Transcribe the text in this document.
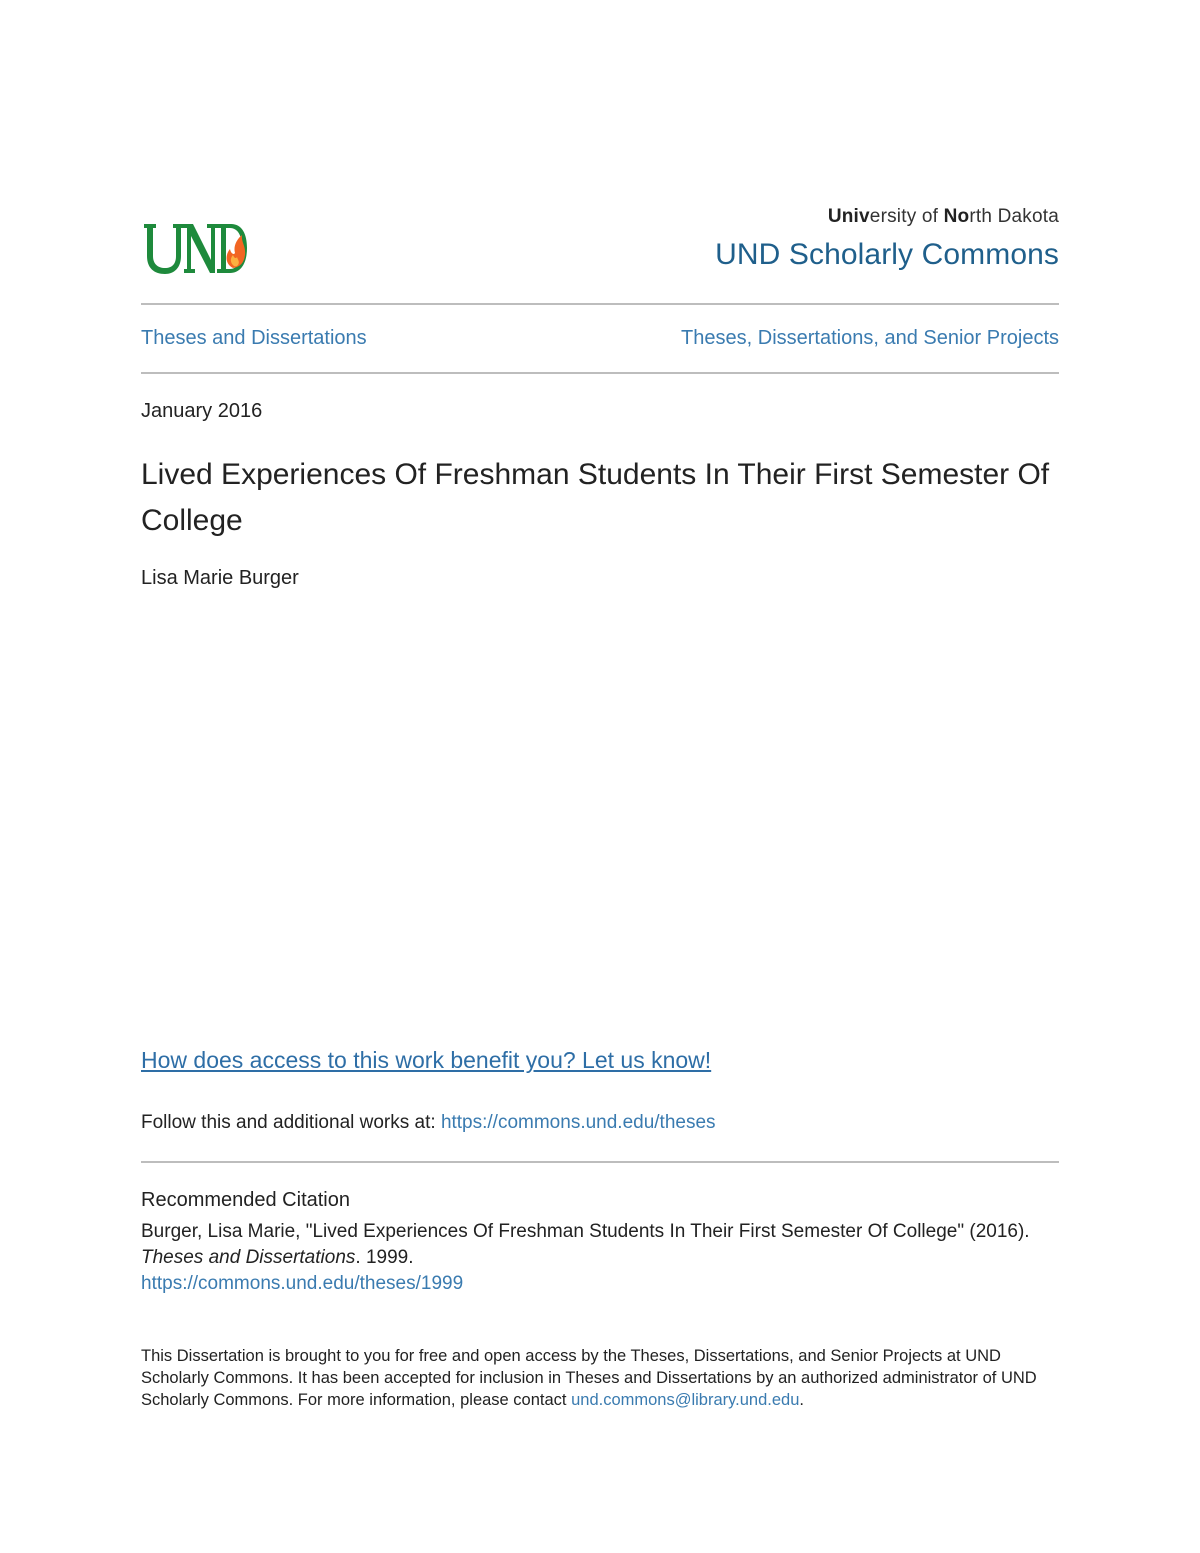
University of North Dakota
UND Scholarly Commons
Theses and Dissertations	Theses, Dissertations, and Senior Projects
January 2016
Lived Experiences Of Freshman Students In Their First Semester Of College
Lisa Marie Burger
How does access to this work benefit you? Let us know!
Follow this and additional works at: https://commons.und.edu/theses
Recommended Citation
Burger, Lisa Marie, "Lived Experiences Of Freshman Students In Their First Semester Of College" (2016).
Theses and Dissertations. 1999.
https://commons.und.edu/theses/1999
This Dissertation is brought to you for free and open access by the Theses, Dissertations, and Senior Projects at UND Scholarly Commons. It has been accepted for inclusion in Theses and Dissertations by an authorized administrator of UND Scholarly Commons. For more information, please contact und.commons@library.und.edu.
